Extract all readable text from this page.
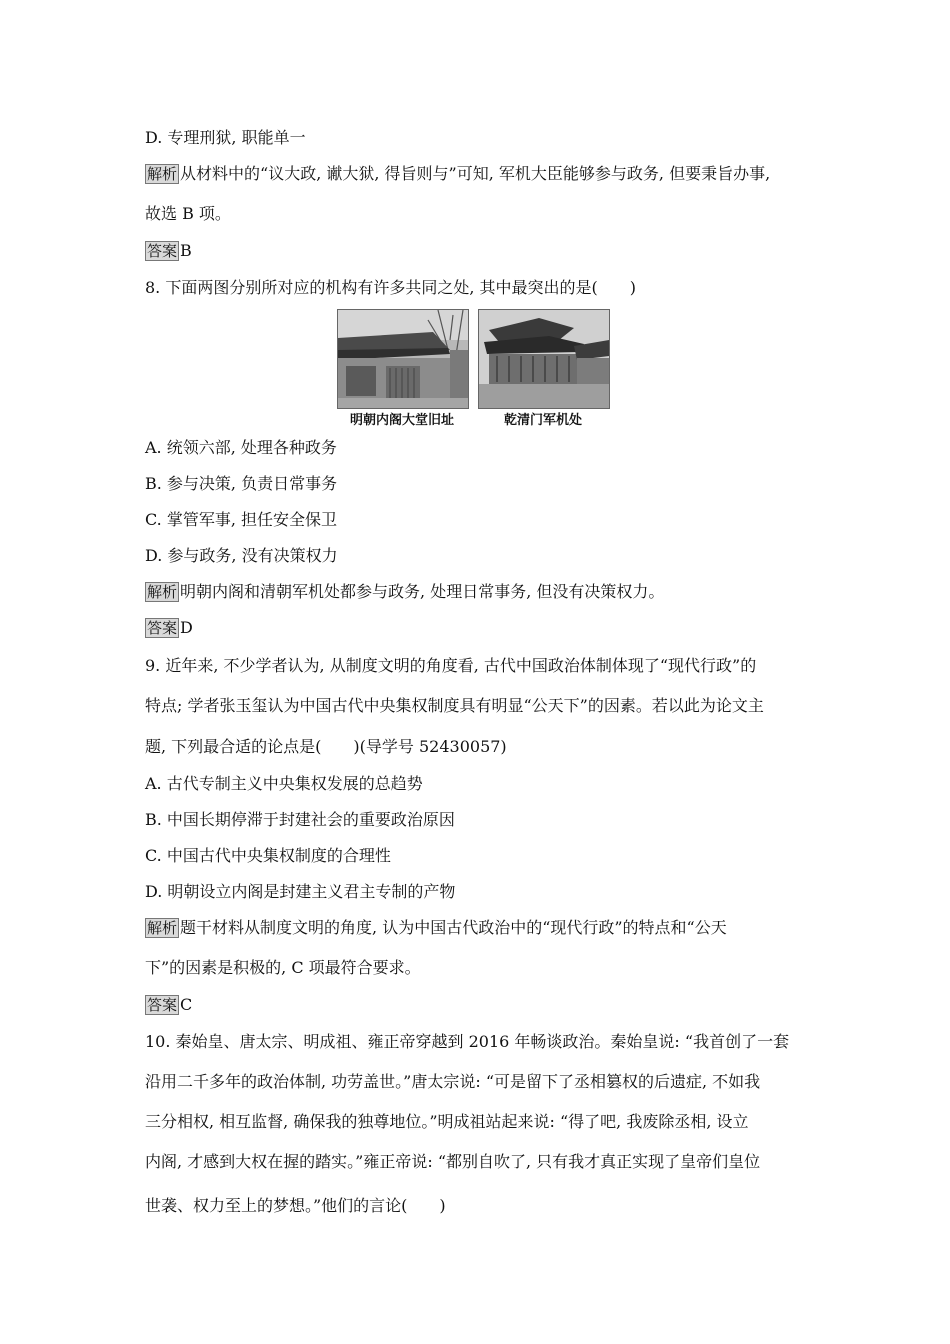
D. 专理刑狱, 职能单一
解析 从材料中的“议大政, 谳大狱, 得旨则与”可知, 军机大臣能够参与政务, 但要秉旨办事,
故选 B 项。
答案 B
8. 下面两图分别所对应的机构有许多共同之处, 其中最突出的是(　　)
A. 统领六部, 处理各种政务
B. 参与决策, 负责日常事务
C. 掌管军事, 担任安全保卫
D. 参与政务, 没有决策权力
解析 明朝内阁和清朝军机处都参与政务, 处理日常事务, 但没有决策权力。
答案 D
9. 近年来, 不少学者认为, 从制度文明的角度看, 古代中国政治体制体现了“现代行政”的
特点; 学者张玉玺认为中国古代中央集权制度具有明显“公天下”的因素。若以此为论文主
题, 下列最合适的论点是(　　)(导学号 52430057)
A. 古代专制主义中央集权发展的总趋势
B. 中国长期停滞于封建社会的重要政治原因
C. 中国古代中央集权制度的合理性
D. 明朝设立内阁是封建主义君主专制的产物
解析 题干材料从制度文明的角度, 认为中国古代政治中的“现代行政”的特点和“公天
下”的因素是积极的, C 项最符合要求。
答案 C
10. 秦始皇、唐太宗、明成祖、雍正帝穿越到 2016 年畅谈政治。秦始皇说: “我首创了一套
沿用二千多年的政治体制, 功劳盖世。”唐太宗说: “可是留下了丞相篡权的后遗症, 不如我
三分相权, 相互监督, 确保我的独尊地位。”明成祖站起来说: “得了吧, 我废除丞相, 设立
内阁, 才感到大权在握的踏实。”雍正帝说: “都别自吹了, 只有我才真正实现了皇帝们皇位
世袭、权力至上的梦想。”他们的言论(　　)
明朝内阁大堂旧址	乾清门军机处
